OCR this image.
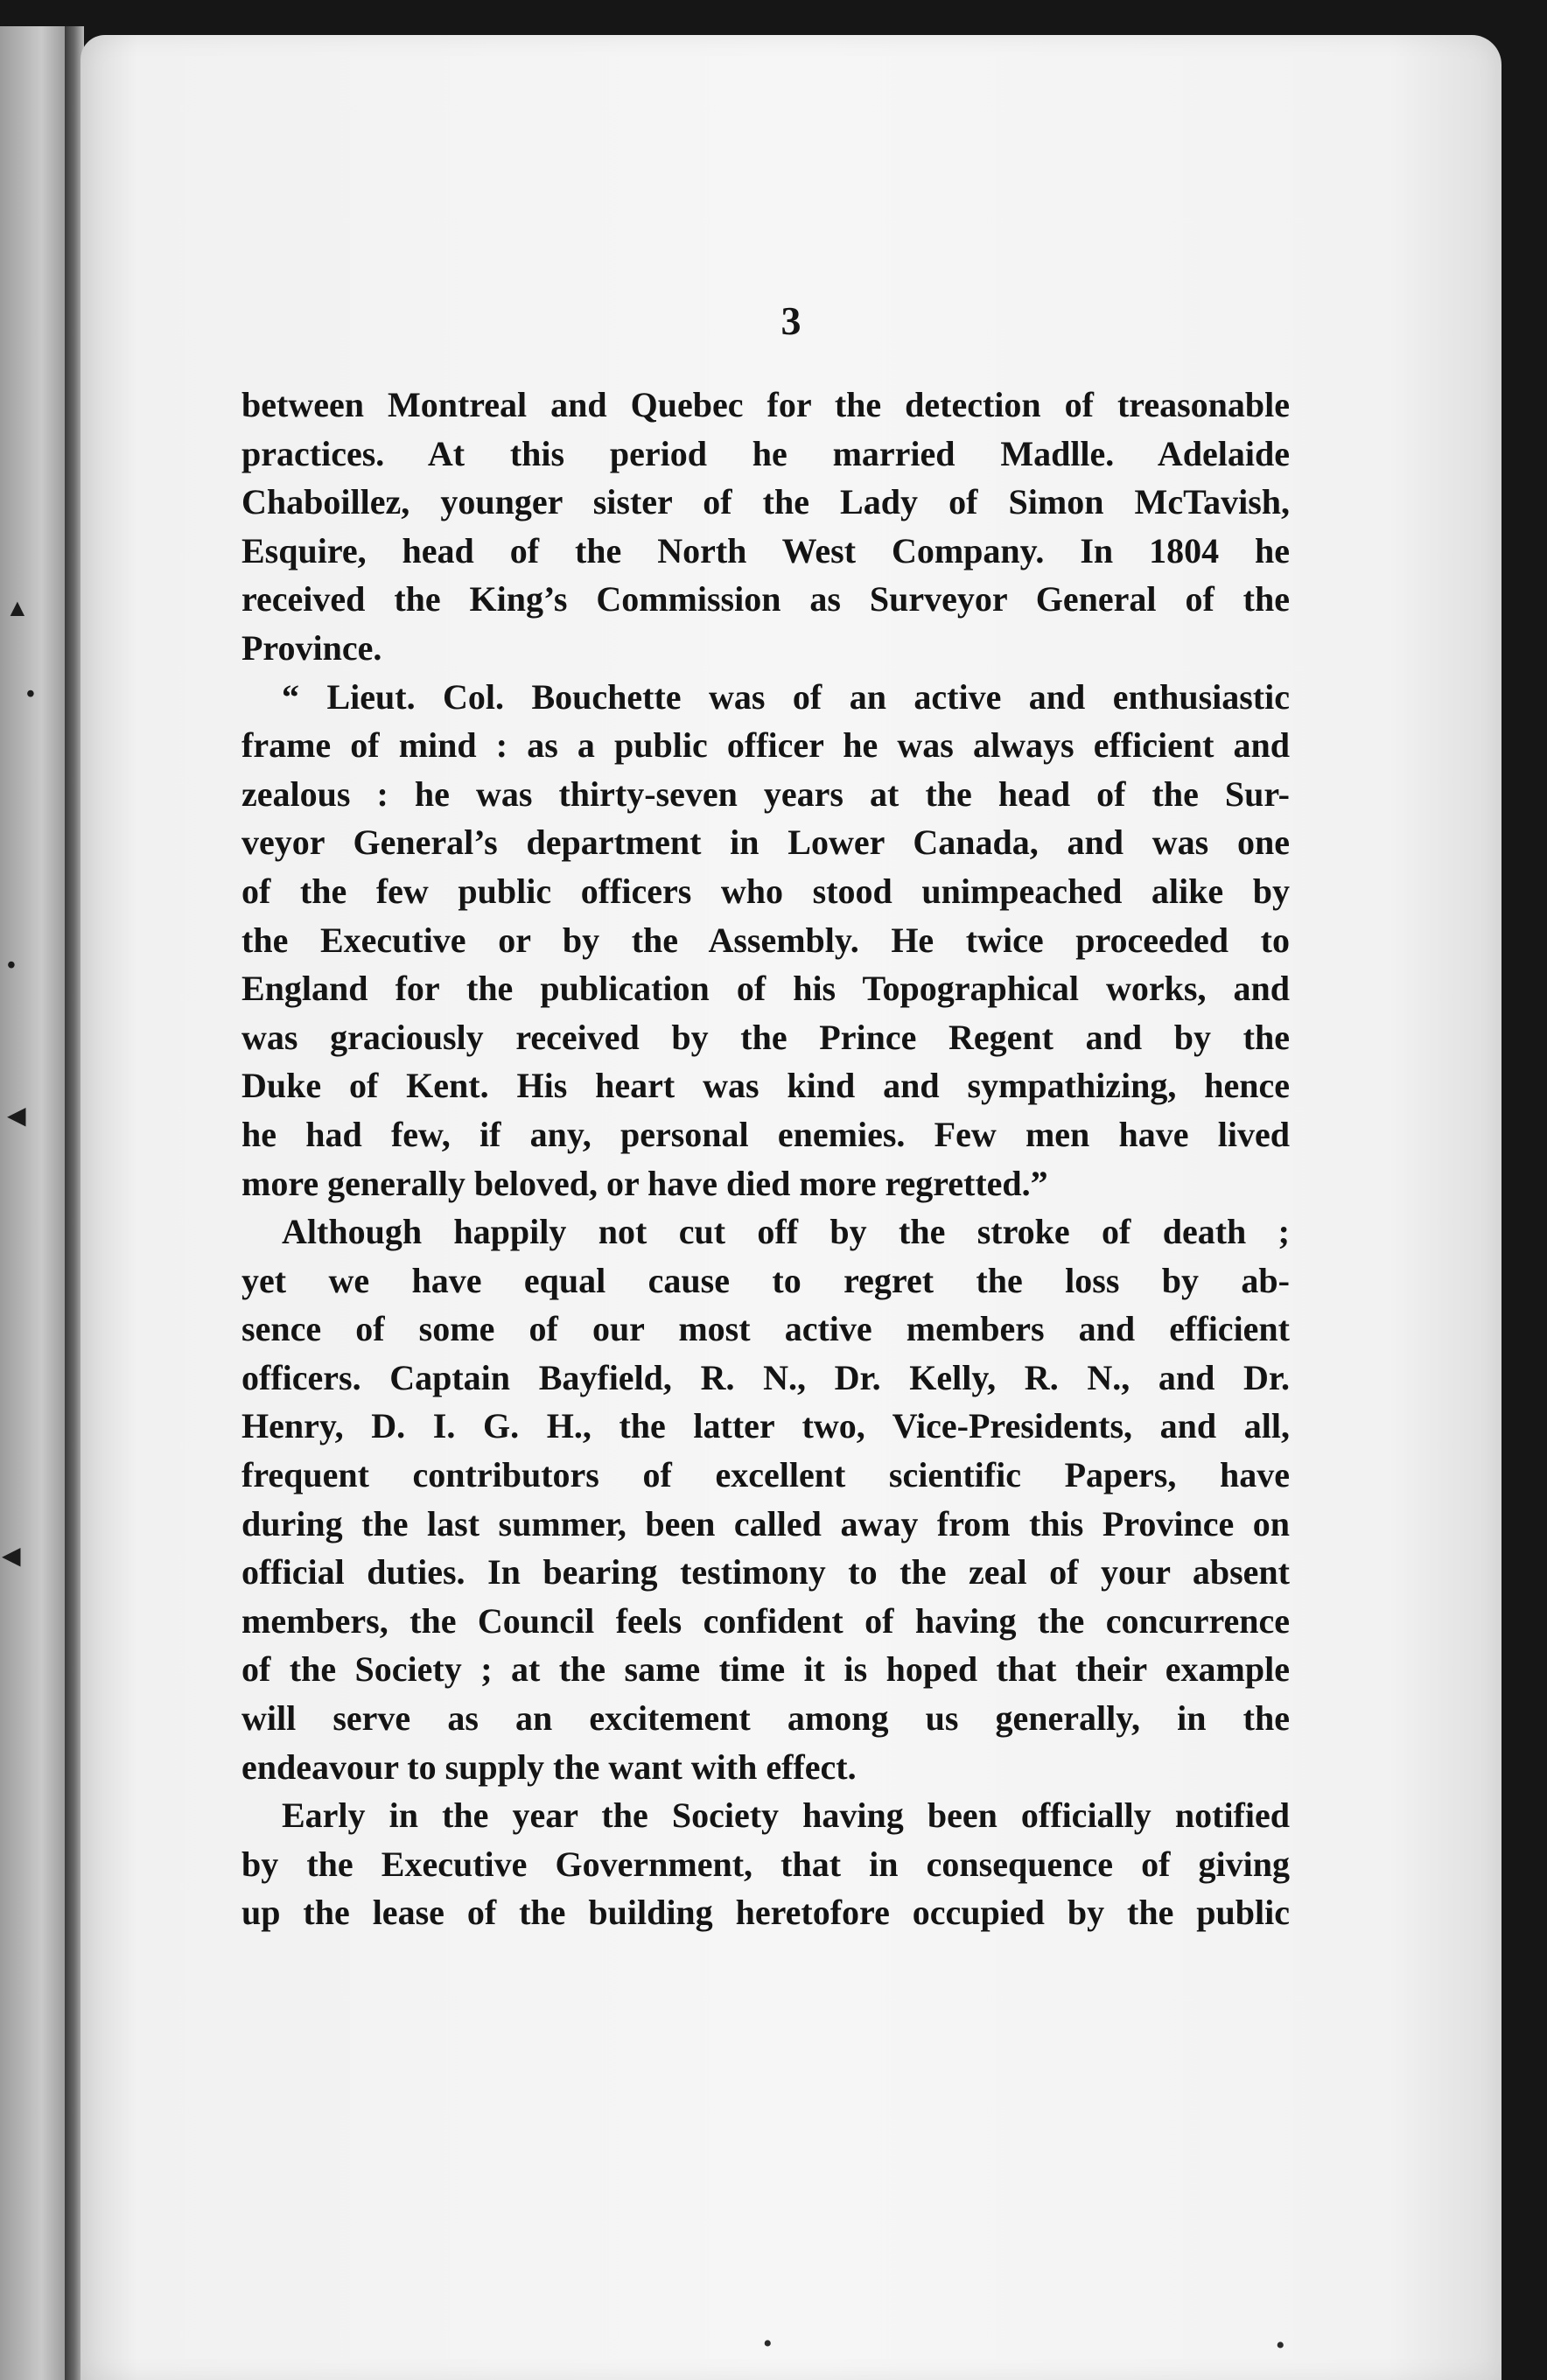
▲
•
•
◀
◀
3

between Montreal and Quebec for the detection of treasonable

practices. At this period he married Madlle. Adelaide

Chaboillez, younger sister of the Lady of Simon McTavish,

Esquire, head of the North West Company. In 1804 he

received the King’s Commission as Surveyor General of the

Province.

“ Lieut. Col. Bouchette was of an active and enthusiastic

frame of mind : as a public officer he was always efficient and

zealous : he was thirty-seven years at the head of the Sur-

veyor General’s department in Lower Canada, and was one

of the few public officers who stood unimpeached alike by

the Executive or by the Assembly. He twice proceeded to

England for the publication of his Topographical works, and

was graciously received by the Prince Regent and by the

Duke of Kent. His heart was kind and sympathizing, hence

he had few, if any, personal enemies. Few men have lived

more generally beloved, or have died more regretted.”

Although happily not cut off by the stroke of death ;

yet we have equal cause to regret the loss by ab-

sence of some of our most active members and efficient

officers. Captain Bayfield, R. N., Dr. Kelly, R. N., and Dr.

Henry, D. I. G. H., the latter two, Vice-Presidents, and all,

frequent contributors of excellent scientific Papers, have

during the last summer, been called away from this Province on

official duties. In bearing testimony to the zeal of your absent

members, the Council feels confident of having the concurrence

of the Society ; at the same time it is hoped that their example

will serve as an excitement among us generally, in the

endeavour to supply the want with effect.

Early in the year the Society having been officially notified

by the Executive Government, that in consequence of giving

up the lease of the building heretofore occupied by the public

•	•
